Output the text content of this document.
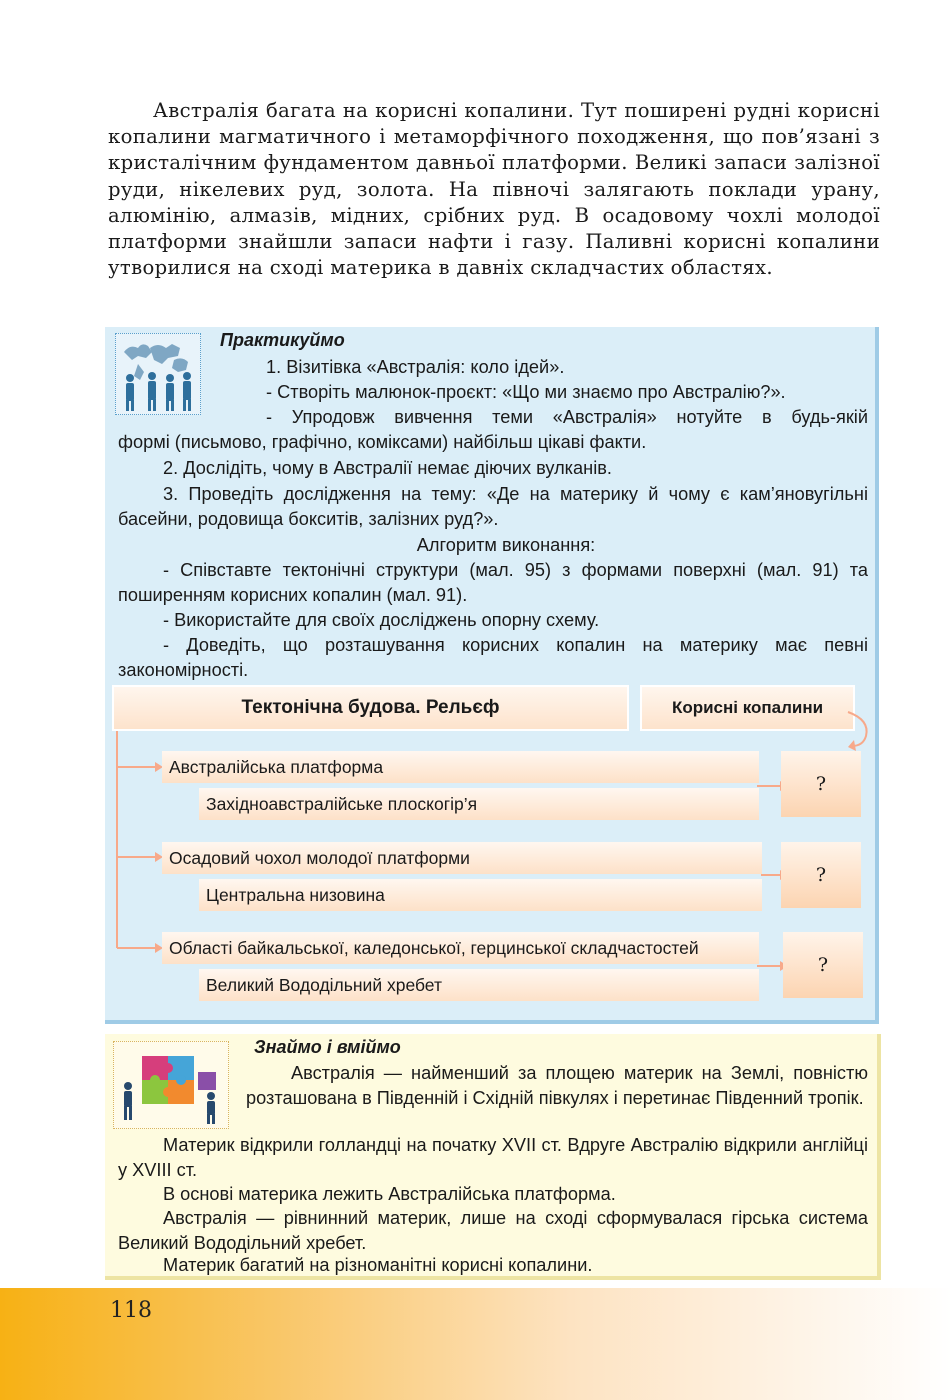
Австралія багата на корисні копалини. Тут поширені рудні корисні копалини магматичного і метаморфічного походження, що пов’язані з кристалічним фундаментом давньої платформи. Великі запаси залізної руди, нікелевих руд, золота. На півночі залягають поклади урану, алюмінію, алмазів, мідних, срібних руд. В осадовому чохлі молодої платформи знайшли запаси нафти і газу. Паливні корисні копалини утворилися на сході материка в давніх складчастих областях.

Практикуймо
1. Візитівка «Австралія: коло ідей».
- Створіть малюнок-проєкт: «Що ми знаємо про Австралію?».
- Упродовж вивчення теми «Австралія» нотуйте в будь-якій
формі (письмово, графічно, коміксами) найбільш цікаві факти.
2. Дослідіть, чому в Австралії немає діючих вулканів.
3. Проведіть дослідження на тему: «Де на материку й чому є кам’яновугільні басейни, родовища бокситів, залізних руд?».
Алгоритм виконання:
- Співставте тектонічні структури (мал. 95) з формами поверхні (мал. 91) та поширенням корисних копалин (мал. 91).
- Використайте для своїх досліджень опорну схему.
- Доведіть, що розташування корисних копалин на материку має певні закономірності.
Тектонічна будова. Рельєф	Корисні копалини
Австралійська платформа
Західноавстралійське плоскогір’я
?
Осадовий чохол молодої платформи
Центральна низовина
?
Області байкальської, каледонської, герцинської складчастостей
Великий Вододільний хребет
?
Знаймо і вміймо
Австралія — найменший за площею материк на Землі, повністю розташована в Південній і Східній півкулях і перетинає Південний тропік.
Материк відкрили голландці на початку XVII ст. Вдруге Австралію відкрили англійці у XVIII ст.
В основі материка лежить Австралійська платформа.
Австралія — рівнинний материк, лише на сході сформувалася гірська система Великий Вододільний хребет.
Материк багатий на різноманітні корисні копалини.
118
